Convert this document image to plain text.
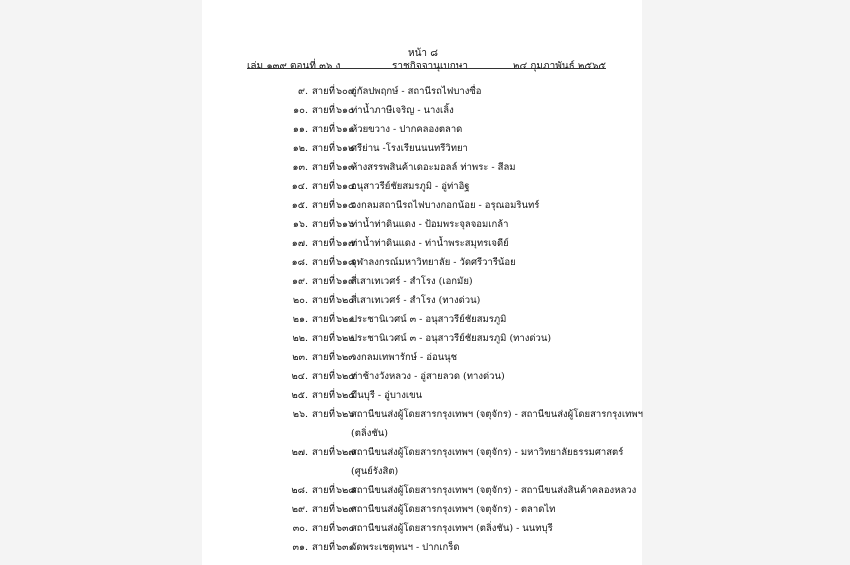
หน้า ๘
เล่ม ๑๓๙ ตอนที่ ๓๖ ง	ราชกิจจานุเบกษา	๒๔ กุมภาพันธ์ ๒๕๖๕
๙. สายที่ ๖๐๙
อู่กัลปพฤกษ์ - สถานีรถไฟบางซื่อ
๑๐. สายที่ ๖๑๐
ท่าน้ำภาษีเจริญ - นางเลิ้ง
๑๑. สายที่ ๖๑๑
ห้วยขวาง - ปากคลองตลาด
๑๒. สายที่ ๖๑๒
ศรีย่าน -โรงเรียนนนทรีวิทยา
๑๓. สายที่ ๖๑๓
ห้างสรรพสินค้าเดอะมอลล์ ท่าพระ - สีลม
๑๔. สายที่ ๖๑๔
อนุสาวรีย์ชัยสมรภูมิ - อู่ท่าอิฐ
๑๕. สายที่ ๖๑๕
วงกลมสถานีรถไฟบางกอกน้อย - อรุณอมรินทร์
๑๖. สายที่ ๖๑๖
ท่าน้ำท่าดินแดง - ป้อมพระจุลจอมเกล้า
๑๗. สายที่ ๖๑๗
ท่าน้ำท่าดินแดง - ท่าน้ำพระสมุทรเจดีย์
๑๘. สายที่ ๖๑๘
จุฬาลงกรณ์มหาวิทยาลัย - วัดศรีวารีน้อย
๑๙. สายที่ ๖๑๙
สี่เสาเทเวศร์ - สำโรง (เอกมัย)
๒๐. สายที่ ๖๒๐
สี่เสาเทเวศร์ - สำโรง (ทางด่วน)
๒๑. สายที่ ๖๒๑
ประชานิเวศน์ ๓ - อนุสาวรีย์ชัยสมรภูมิ
๒๒. สายที่ ๖๒๒
ประชานิเวศน์ ๓ - อนุสาวรีย์ชัยสมรภูมิ (ทางด่วน)
๒๓. สายที่ ๖๒๓
วงกลมเทพารักษ์ - อ่อนนุช
๒๔. สายที่ ๖๒๔
ท่าช้างวังหลวง - อู่สายลวด (ทางด่วน)
๒๕. สายที่ ๖๒๕
มีนบุรี - อู่บางเขน
๒๖. สายที่ ๖๒๖
สถานีขนส่งผู้โดยสารกรุงเทพฯ (จตุจักร) - สถานีขนส่งผู้โดยสารกรุงเทพฯ
(ตลิ่งชัน)
๒๗. สายที่ ๖๒๗
สถานีขนส่งผู้โดยสารกรุงเทพฯ (จตุจักร) - มหาวิทยาลัยธรรมศาสตร์
(ศูนย์รังสิต)
๒๘. สายที่ ๖๒๘
สถานีขนส่งผู้โดยสารกรุงเทพฯ (จตุจักร) - สถานีขนส่งสินค้าคลองหลวง
๒๙. สายที่ ๖๒๙
สถานีขนส่งผู้โดยสารกรุงเทพฯ (จตุจักร) - ตลาดไท
๓๐. สายที่ ๖๓๐
สถานีขนส่งผู้โดยสารกรุงเทพฯ (ตลิ่งชัน) - นนทบุรี
๓๑. สายที่ ๖๓๑
วัดพระเชตุพนฯ - ปากเกร็ด
